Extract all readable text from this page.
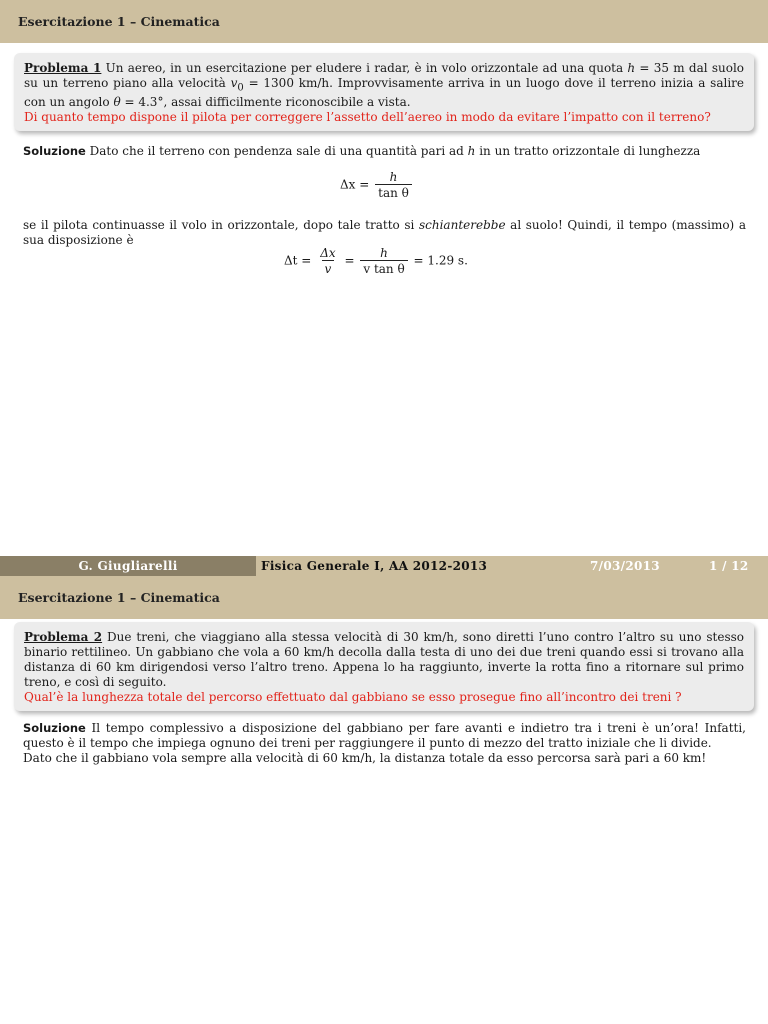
Esercitazione 1 – Cinematica
Problema 1 Un aereo, in un esercitazione per eludere i radar, è in volo orizzontale ad una quota h = 35 m dal suolo su un terreno piano alla velocità $v_0 = 1300$ km/h. Improvvisamente arriva in un luogo dove il terreno inizia a salire con un angolo θ = 4.3°, assai difficilmente riconoscibile a vista.
Di quanto tempo dispone il pilota per correggere l’assetto dell’aereo in modo da evitare l’impatto con il terreno?
Soluzione Dato che il terreno con pendenza sale di una quantità pari ad h in un tratto orizzontale di lunghezza
$\Delta x = \frac{h}{\text{tan θ}}$
se il pilota continuasse il volo in orizzontale, dopo tale tratto si schianterebbe al suolo! Quindi, il tempo (massimo) a sua disposizione è
$\Delta t = \frac{\Delta x}{v} = \frac{h}{\text{v tan θ}} = 1.29$ s.
G. Giugliarelli	Fisica Generale I, AA 2012-2013	7/03/2013	1 / 12
Esercitazione 1 – Cinematica
Problema 2 Due treni, che viaggiano alla stessa velocità di 30 km/h, sono diretti l’uno contro l’altro su uno stesso binario rettilineo. Un gabbiano che vola a 60 km/h decolla dalla testa di uno dei due treni quando essi si trovano alla distanza di 60 km dirigendosi verso l’altro treno. Appena lo ha raggiunto, inverte la rotta fino a ritornare sul primo treno, e così di seguito.
Qual’è la lunghezza totale del percorso effettuato dal gabbiano se esso prosegue fino all’incontro dei treni ?
Soluzione Il tempo complessivo a disposizione del gabbiano per fare avanti e indietro tra i treni è un’ora! Infatti, questo è il tempo che impiega ognuno dei treni per raggiungere il punto di mezzo del tratto iniziale che li divide.
Dato che il gabbiano vola sempre alla velocità di 60 km/h, la distanza totale da esso percorsa sarà pari a 60 km!
